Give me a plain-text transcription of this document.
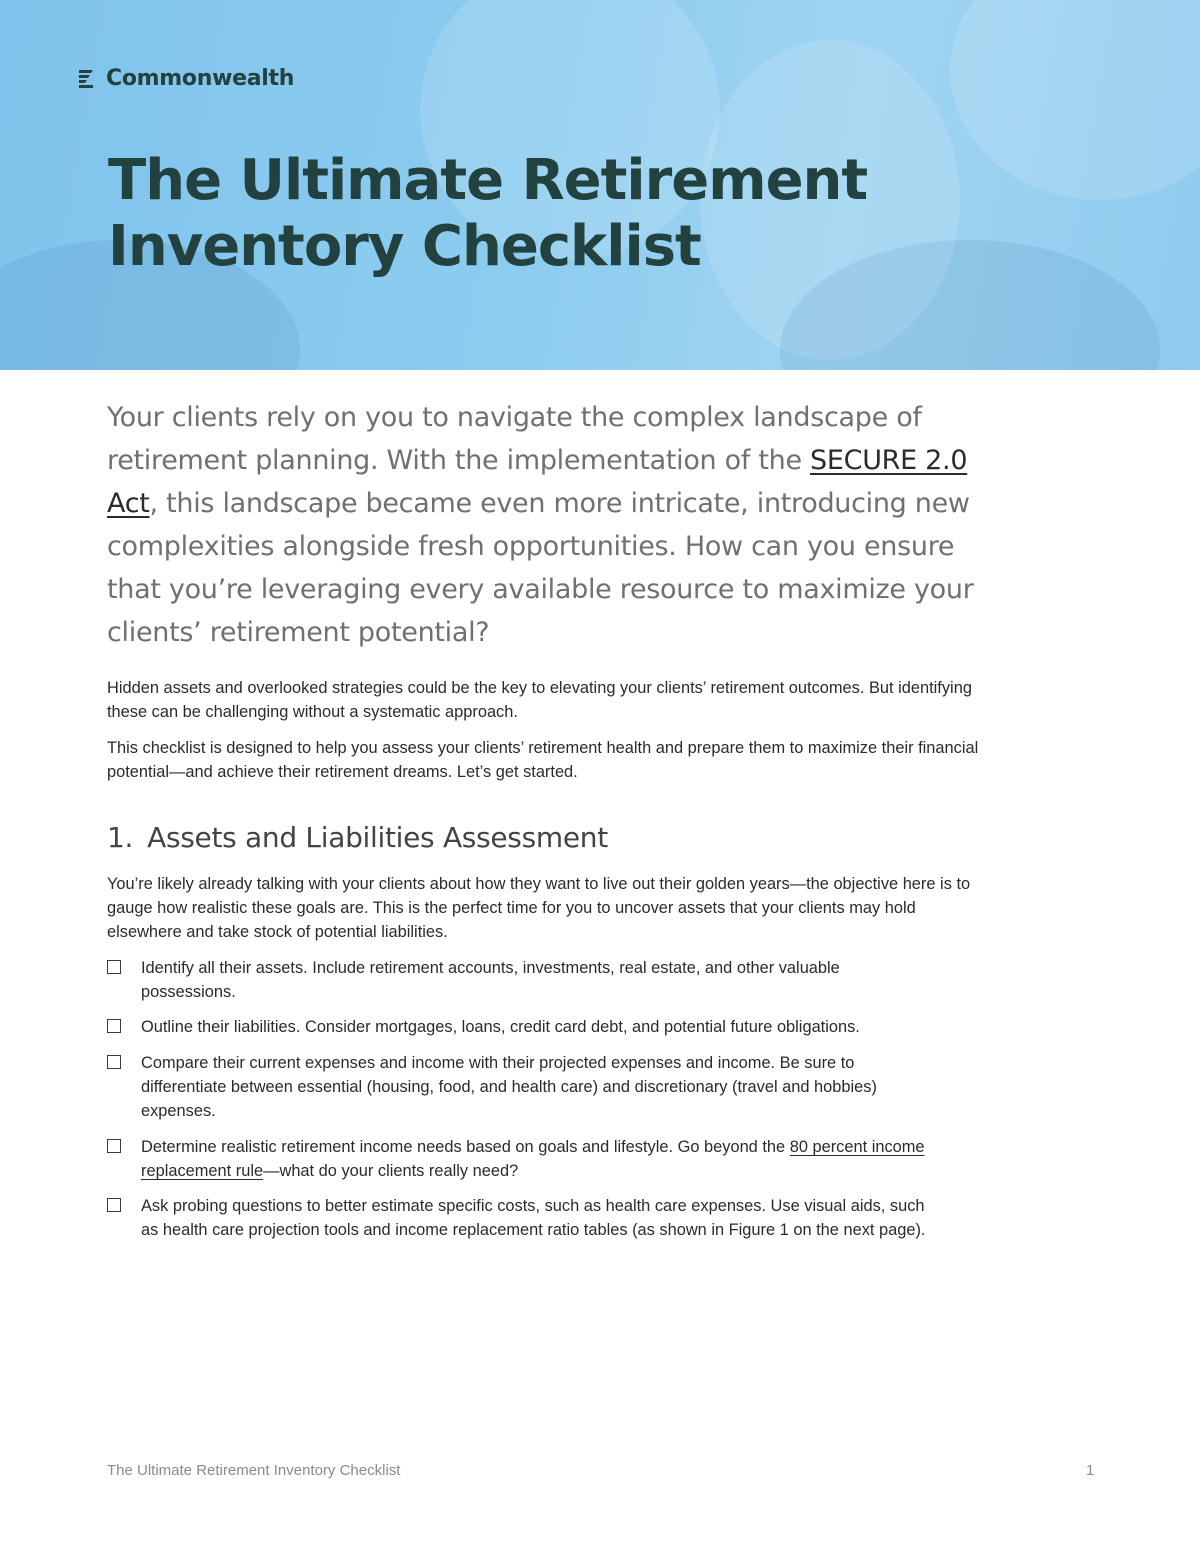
Commonwealth
The Ultimate Retirement
Inventory Checklist

Your clients rely on you to navigate the complex landscape of retirement planning. With the implementation of the SECURE 2.0 Act, this landscape became even more intricate, introducing new complexities alongside fresh opportunities. How can you ensure that you’re leveraging every available resource to maximize your clients’ retirement potential?

Hidden assets and overlooked strategies could be the key to elevating your clients’ retirement outcomes. But identifying these can be challenging without a systematic approach.

This checklist is designed to help you assess your clients’ retirement health and prepare them to maximize their financial potential—and achieve their retirement dreams. Let’s get started.

1. Assets and Liabilities Assessment

You’re likely already talking with your clients about how they want to live out their golden years—the objective here is to gauge how realistic these goals are. This is the perfect time for you to uncover assets that your clients may hold elsewhere and take stock of potential liabilities.

Identify all their assets. Include retirement accounts, investments, real estate, and other valuable possessions.
Outline their liabilities. Consider mortgages, loans, credit card debt, and potential future obligations.
Compare their current expenses and income with their projected expenses and income. Be sure to differentiate between essential (housing, food, and health care) and discretionary (travel and hobbies) expenses.
Determine realistic retirement income needs based on goals and lifestyle. Go beyond the 80 percent income replacement rule—what do your clients really need?
Ask probing questions to better estimate specific costs, such as health care expenses. Use visual aids, such as health care projection tools and income replacement ratio tables (as shown in Figure 1 on the next page).
The Ultimate Retirement Inventory Checklist	1
